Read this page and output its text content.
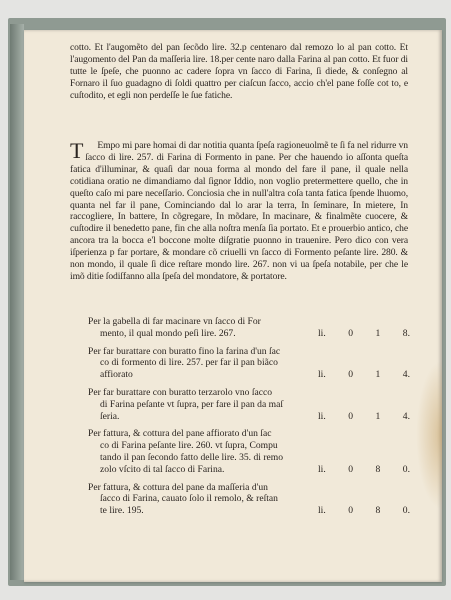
cotto. Et l'augomẽto del pan ſecõdo lire. 32.p centenaro dal remozo lo al pan cotto. Et l'augomento del Pan da maſſeria lire. 18.per cente naro dalla Farina al pan cotto. Et fuor di tutte le ſpeſe, che puonno ac cadere ſopra vn ſacco di Farina, ſi diede, & conſegno al Fornaro il ſuo guadagno di ſoldi quattro per ciaſcun ſacco, accio ch'el pane foſſe cot to, e cuſtodito, et egli non perdeſſe le ſue fatiche.
T Empo mi pare homai di dar notitia quanta ſpeſa ragioneuolmẽ te ſi fa nel ridurre vn ſacco di lire. 257. di Farina di Formento in pane. Per che hauendo io aſſonta queſta fatica d'illuminar, & quaſi dar noua forma al mondo del fare il pane, il quale nella cotidiana oratio ne dimandiamo dal ſignor Iddio, non voglio pretermettere quello, che in queſto caſo mi pare neceſſario. Conciosia che in null'altra coſa tanta fatica ſpende lhuomo, quanta nel far il pane, Cominciando dal lo arar la terra, In ſeminare, In mietere, In raccogliere, In battere, In cõgregare, In mõdare, In macinare, & finalmẽte cuocere, & cuſtodire il benedetto pane, fin che alla noſtra menſa ſia portato. Et e prouerbio antico, che ancora tra la bocca e'l boccone molte diſgratie puonno in trauenire. Pero dico con vera iſperienza p far portare, & mondare cõ criuelli vn ſacco di Formento peſante lire. 280. & non mondo, il quale ſi dice reſtare mondo lire. 267. non vi ua ſpeſa notabile, per che le imõ ditie ſodiſfanno alla ſpeſa del mondatore, & portatore.
Per la gabella di far macinare vn ſacco di For
mento, il qual mondo peſi lire. 267.	li. 0 1 8.
Per far burattare con buratto fino la farina d'un ſac
co di formento di lire. 257. per far il pan biãco
affiorato	li. 0 1 4.
Per far burattare con buratto terzarolo vno ſacco
di Farina peſante vt ſupra, per fare il pan da maſ
ſeria.	li. 0 1 4.
Per fattura, & cottura del pane affiorato d'un ſac
co di Farina peſante lire. 260. vt ſupra, Compu
tando il pan ſecondo fatto delle lire. 35. di remo
zolo vſcito di tal ſacco di Farina.	li. 0 8 0.
Per fattura, & cottura del pane da maſſeria d'un
ſacco di Farina, cauato ſolo il remolo, & reſtan
te lire. 195.	li. 0 8 0.
